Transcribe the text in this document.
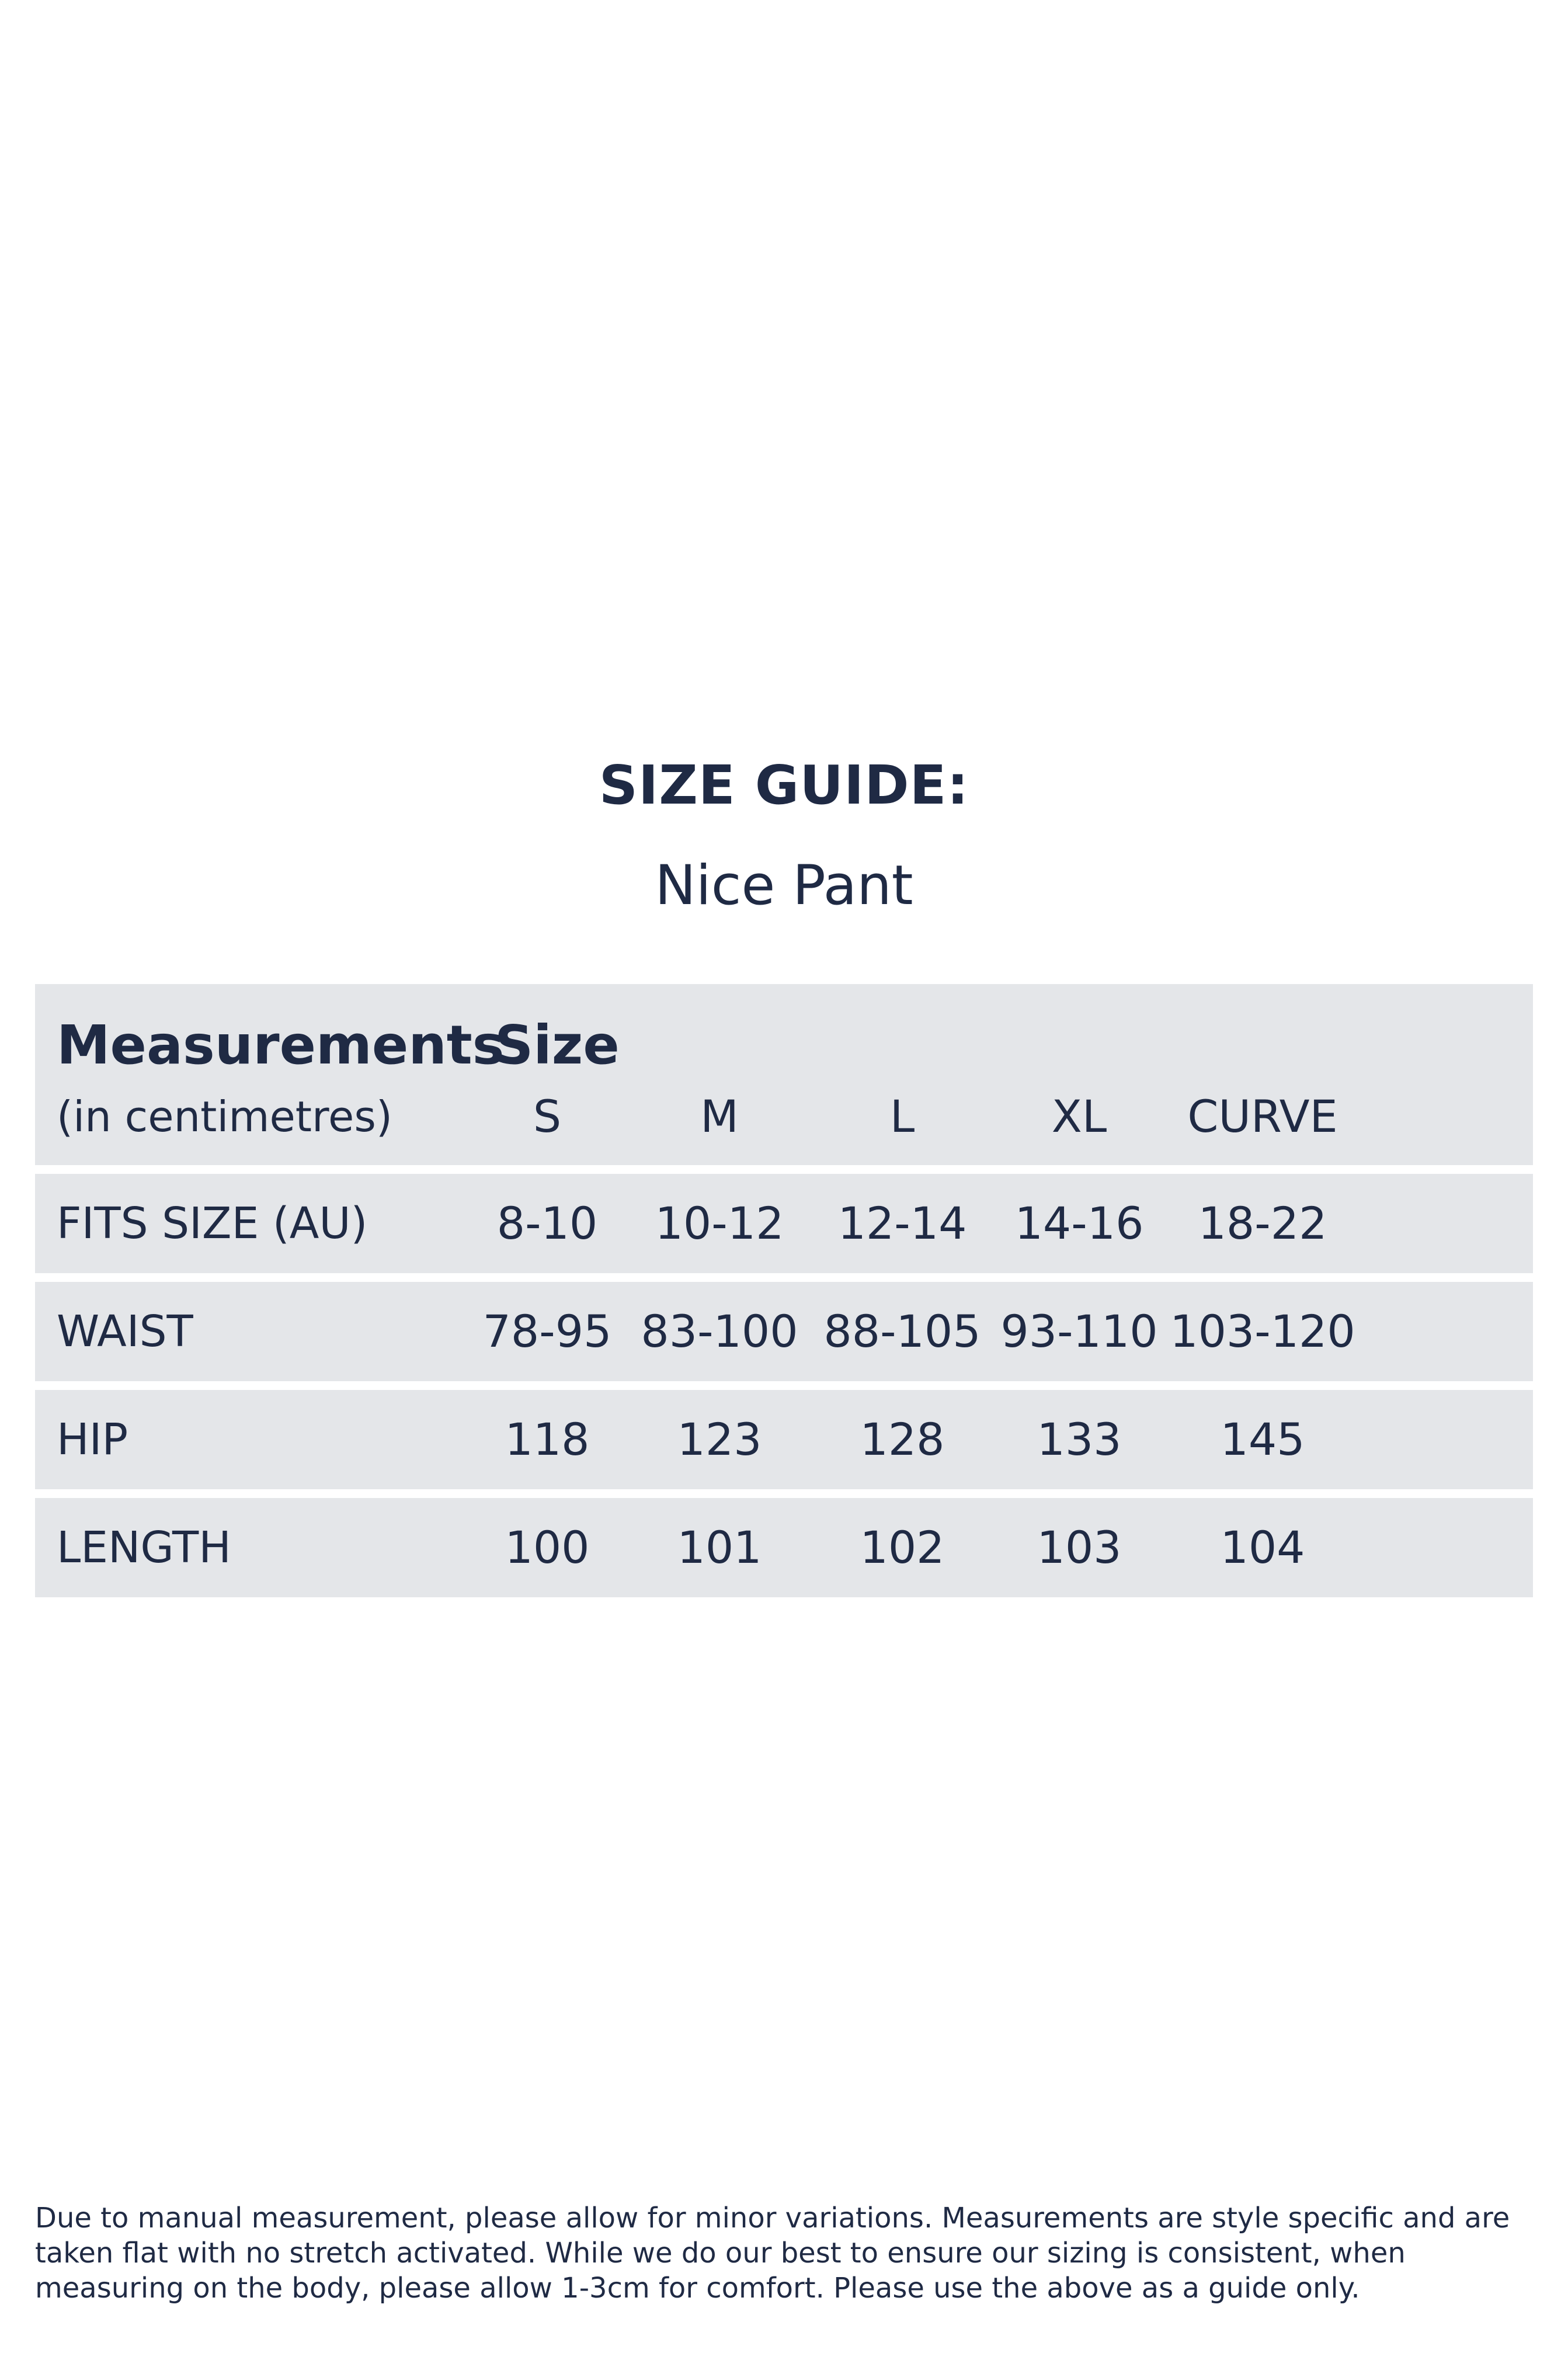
SIZE GUIDE:
Nice Pant
Measurements
Size
(in centimetres)	S	M	L	XL	CURVE
FITS SIZE (AU)	8-10	10-12	12-14	14-16	18-22
WAIST	78-95 83-100 88-105 93-110 103-120
HIP	118	123	128	133	145
LENGTH	100	101	102	103	104
Due to manual measurement, please allow for minor variations. Measurements are style specific and are taken flat with no stretch activated. While we do our best to ensure our sizing is consistent, when measuring on the body, please allow 1-3cm for comfort. Please use the above as a guide only.
